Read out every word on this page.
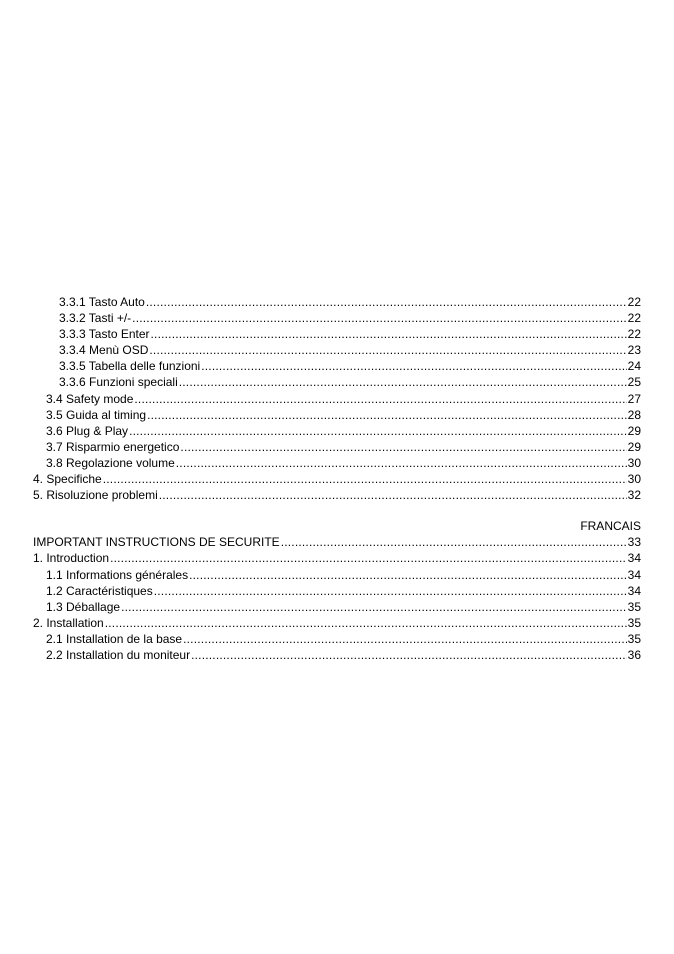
3.3.1 Tasto Auto .....	22
3.3.2 Tasti +/- .....	22
3.3.3 Tasto Enter .....	22
3.3.4 Menù OSD .....	23
3.3.5 Tabella delle funzioni .....	24
3.3.6 Funzioni speciali .....	25
3.4 Safety mode .....	27
3.5 Guida al timing .....	28
3.6 Plug & Play .....	29
3.7 Risparmio energetico .....	29
3.8 Regolazione volume .....	30
4. Specifiche .....	30
5. Risoluzione problemi .....	32
FRANCAIS
IMPORTANT INSTRUCTIONS DE SECURITE .....	33
1. Introduction .....	34
1.1 Informations générales .....	34
1.2 Caractéristiques .....	34
1.3 Déballage .....	35
2. Installation .....	35
2.1 Installation de la base .....	35
2.2 Installation du moniteur .....	36
